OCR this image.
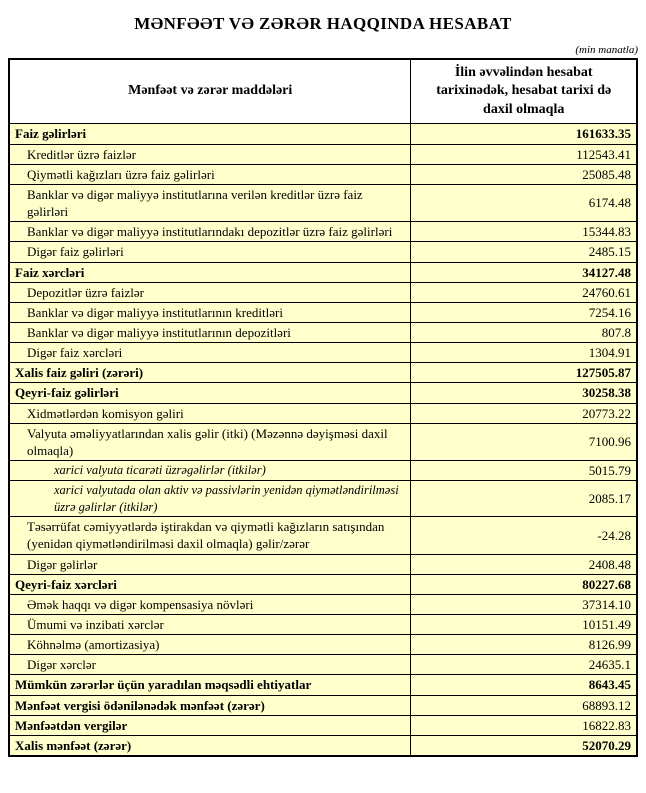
MƏNFƏƏT VƏ ZƏRƏR HAQQINDA HESABAT
(min manatla)
Mənfəət və zərər maddələri	İlin əvvəlindən hesabat tarixinədək, hesabat tarixi də daxil olmaqla
Faiz gəlirləri	161633.35
Kreditlər üzrə faizlər	112543.41
Qiymətli kağızları üzrə faiz gəlirləri	25085.48
Banklar və digər maliyyə institutlarına verilən kreditlər üzrə faiz gəlirləri	6174.48
Banklar və digər maliyyə institutlarındakı depozitlər üzrə faiz gəlirləri	15344.83
Digər faiz gəlirləri	2485.15
Faiz xərcləri	34127.48
Depozitlər üzrə faizlər	24760.61
Banklar və digər maliyyə institutlarının kreditləri	7254.16
Banklar və digər maliyyə institutlarının depozitləri	807.8
Digər faiz xərcləri	1304.91
Xalis faiz gəliri (zərəri)	127505.87
Qeyri-faiz gəlirləri	30258.38
Xidmətlərdən komisyon gəliri	20773.22
Valyuta əməliyyatlarından xalis gəlir (itki) (Məzənnə dəyişməsi daxil olmaqla)	7100.96
xarici valyuta ticarəti üzrəgəlirlər (itkilər)	5015.79
xarici valyutada olan aktiv və passivlərin yenidən qiymətləndirilməsi üzrə gəlirlər (itkilər)	2085.17
Təsərrüfat cəmiyyətlərdə iştirakdan və qiymətli kağızların satışından (yenidən qiymətləndirilməsi daxil olmaqla) gəlir/zərər	-24.28
Digər gəlirlər	2408.48
Qeyri-faiz xərcləri	80227.68
Əmək haqqı və digər kompensasiya növləri	37314.10
Ümumi və inzibati xərclər	10151.49
Köhnəlmə (amortizasiya)	8126.99
Digər xərclər	24635.1
Mümkün zərərlər üçün yaradılan məqsədli ehtiyatlar	8643.45
Mənfəət vergisi ödənilənədək mənfəət (zərər)	68893.12
Mənfəətdən vergilər	16822.83
Xalis mənfəət (zərər)	52070.29
